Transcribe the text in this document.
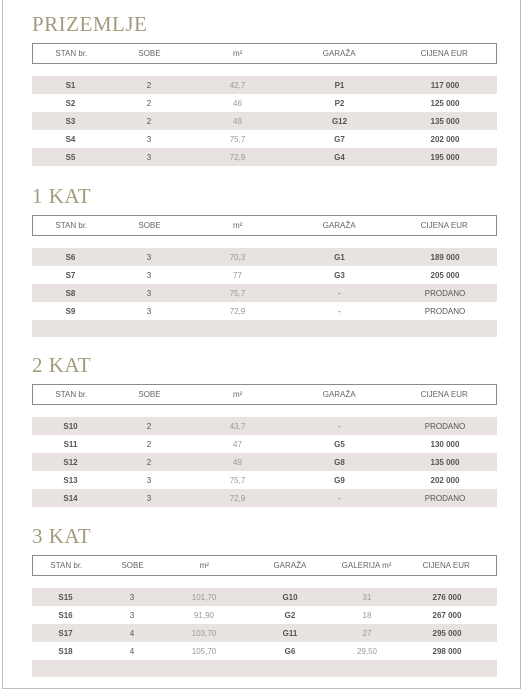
PRIZEMLJE
STAN br.	SOBE	m²	GARAŽA	CIJENA EUR
S1	2	42,7	P1	117 000
S2	2	46	P2	125 000
S3	2	49	G12	135 000
S4	3	75,7	G7	202 000
S5	3	72,9	G4	195 000
1 KAT
STAN br.	SOBE	m²	GARAŽA	CIJENA EUR
S6	3	70,3	G1	189 000
S7	3	77	G3	205 000
S8	3	75,7	-	PRODANO
S9	3	72,9	-	PRODANO
2 KAT
STAN br.	SOBE	m²	GARAŽA	CIJENA EUR
S10	2	43,7	-	PRODANO
S11	2	47	G5	130 000
S12	2	49	G8	135 000
S13	3	75,7	G9	202 000
S14	3	72,9	-	PRODANO
3 KAT
STAN br.	SOBE	m²	GARAŽA	GALERIJA m²	CIJENA EUR
S15	3	101,70	G10	31	276 000
S16	3	91,90	G2	18	267 000
S17	4	103,70	G11	27	295 000
S18	4	105,70	G6	29,50	298 000
